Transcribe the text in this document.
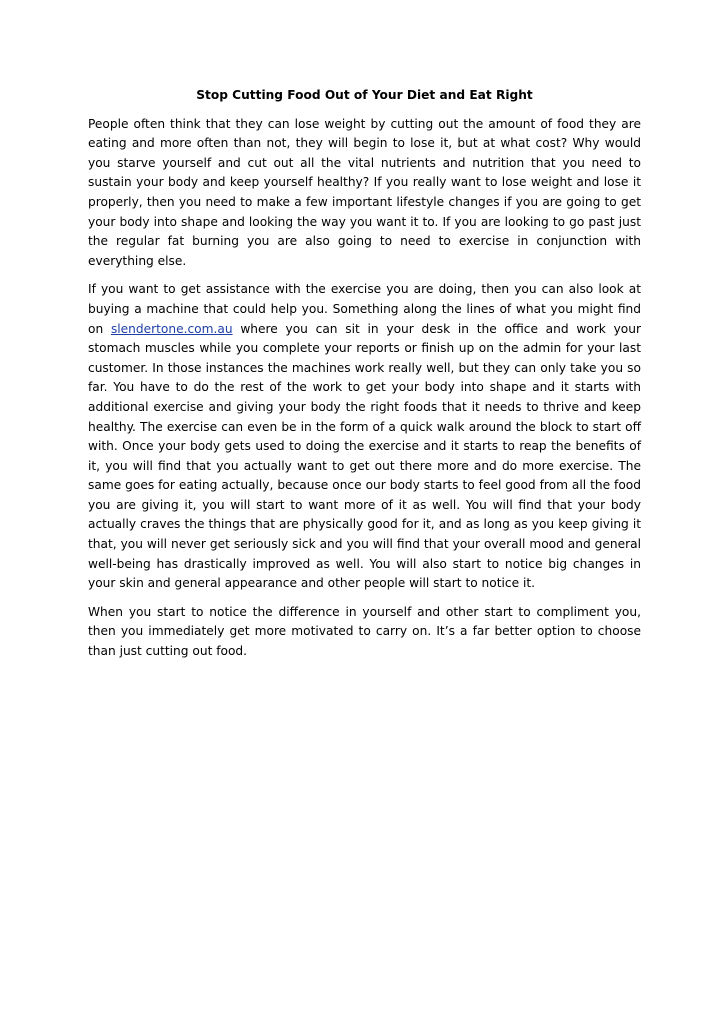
Stop Cutting Food Out of Your Diet and Eat Right

People often think that they can lose weight by cutting out the amount of food they are eating and more often than not, they will begin to lose it, but at what cost? Why would you starve yourself and cut out all the vital nutrients and nutrition that you need to sustain your body and keep yourself healthy? If you really want to lose weight and lose it properly, then you need to make a few important lifestyle changes if you are going to get your body into shape and looking the way you want it to. If you are looking to go past just the regular fat burning you are also going to need to exercise in conjunction with everything else.

If you want to get assistance with the exercise you are doing, then you can also look at buying a machine that could help you. Something along the lines of what you might find on slendertone.com.au where you can sit in your desk in the office and work your stomach muscles while you complete your reports or finish up on the admin for your last customer. In those instances the machines work really well, but they can only take you so far. You have to do the rest of the work to get your body into shape and it starts with additional exercise and giving your body the right foods that it needs to thrive and keep healthy. The exercise can even be in the form of a quick walk around the block to start off with. Once your body gets used to doing the exercise and it starts to reap the benefits of it, you will find that you actually want to get out there more and do more exercise. The same goes for eating actually, because once our body starts to feel good from all the food you are giving it, you will start to want more of it as well. You will find that your body actually craves the things that are physically good for it, and as long as you keep giving it that, you will never get seriously sick and you will find that your overall mood and general well-being has drastically improved as well. You will also start to notice big changes in your skin and general appearance and other people will start to notice it.

When you start to notice the difference in yourself and other start to compliment you, then you immediately get more motivated to carry on. It’s a far better option to choose than just cutting out food.
